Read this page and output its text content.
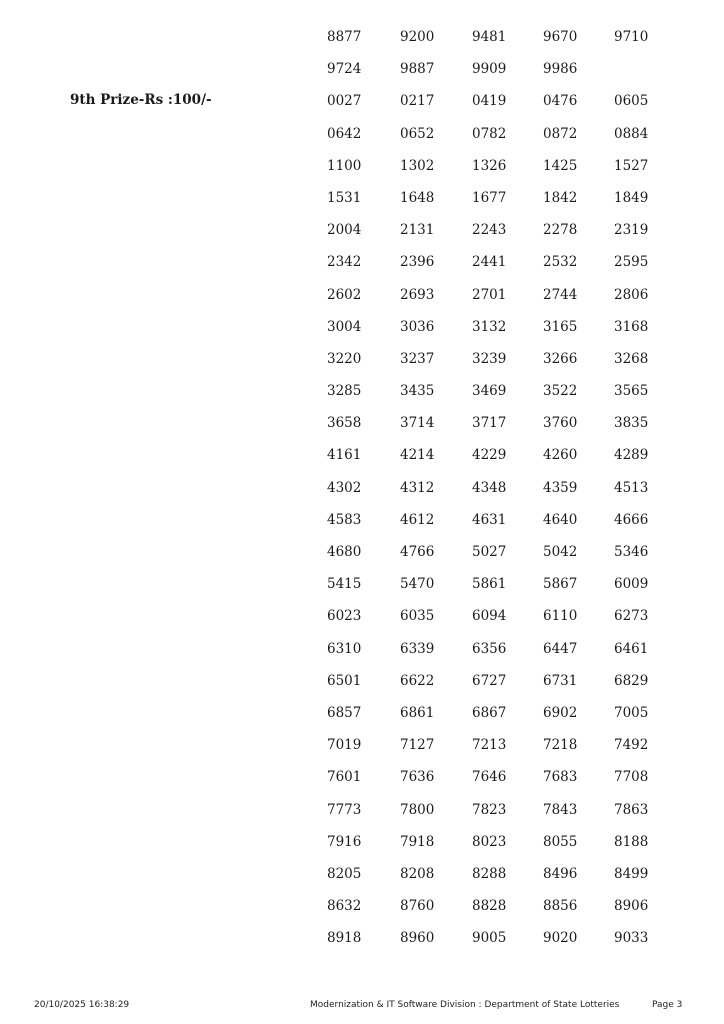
9th Prize-Rs :100/-
8877	9200	9481	9670	9710
9724	9887	9909	9986
0027	0217	0419	0476	0605
0642	0652	0782	0872	0884
1100	1302	1326	1425	1527
1531	1648	1677	1842	1849
2004	2131	2243	2278	2319
2342	2396	2441	2532	2595
2602	2693	2701	2744	2806
3004	3036	3132	3165	3168
3220	3237	3239	3266	3268
3285	3435	3469	3522	3565
3658	3714	3717	3760	3835
4161	4214	4229	4260	4289
4302	4312	4348	4359	4513
4583	4612	4631	4640	4666
4680	4766	5027	5042	5346
5415	5470	5861	5867	6009
6023	6035	6094	6110	6273
6310	6339	6356	6447	6461
6501	6622	6727	6731	6829
6857	6861	6867	6902	7005
7019	7127	7213	7218	7492
7601	7636	7646	7683	7708
7773	7800	7823	7843	7863
7916	7918	8023	8055	8188
8205	8208	8288	8496	8499
8632	8760	8828	8856	8906
8918	8960	9005	9020	9033
20/10/2025 16:38:29	Modernization & IT Software Division : Department of State Lotteries	Page 3
